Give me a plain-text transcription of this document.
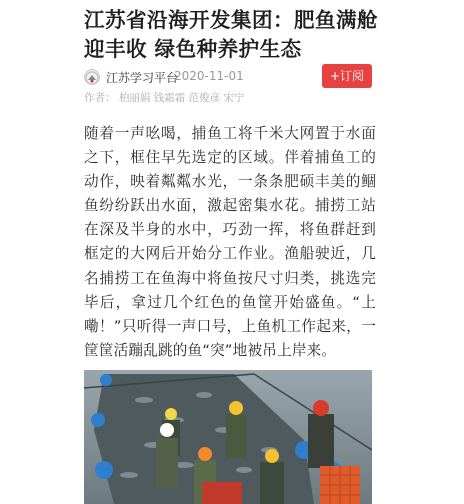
江苏省沿海开发集团：肥鱼满舱迎丰收 绿色种养护生态
江苏学习平台
2020-11-01	+订阅
作者： 柏丽娟 钱霜霜 范俊彦 宋宁
随着一声吆喝，捕鱼工将千米大网置于水面之下，框住早先选定的区域。伴着捕鱼工的动作，映着粼粼水光，一条条肥硕丰美的鲴鱼纷纷跃出水面，激起密集水花。捕捞工站在深及半身的水中，巧劲一挥，将鱼群赶到框定的大网后开始分工作业。渔船驶近，几名捕捞工在鱼海中将鱼按尺寸归类，挑选完毕后，拿过几个红色的鱼筐开始盛鱼。“上嘞！”只听得一声口号，上鱼机工作起来，一筐筐活蹦乱跳的鱼“突”地被吊上岸来。
